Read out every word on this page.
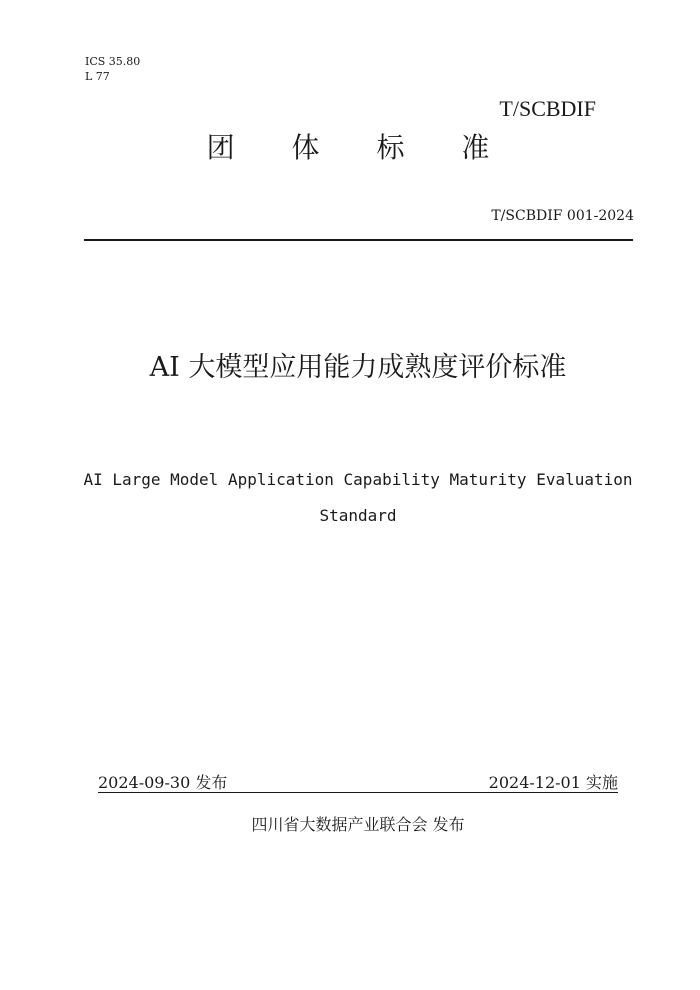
ICS 35.80
L 77
T/SCBDIF
团 体 标 准
T/SCBDIF 001-2024
AI 大模型应用能力成熟度评价标准
AI Large Model Application Capability Maturity Evaluation
Standard
2024-09-30 发布	2024-12-01 实施
四川省大数据产业联合会 发布
